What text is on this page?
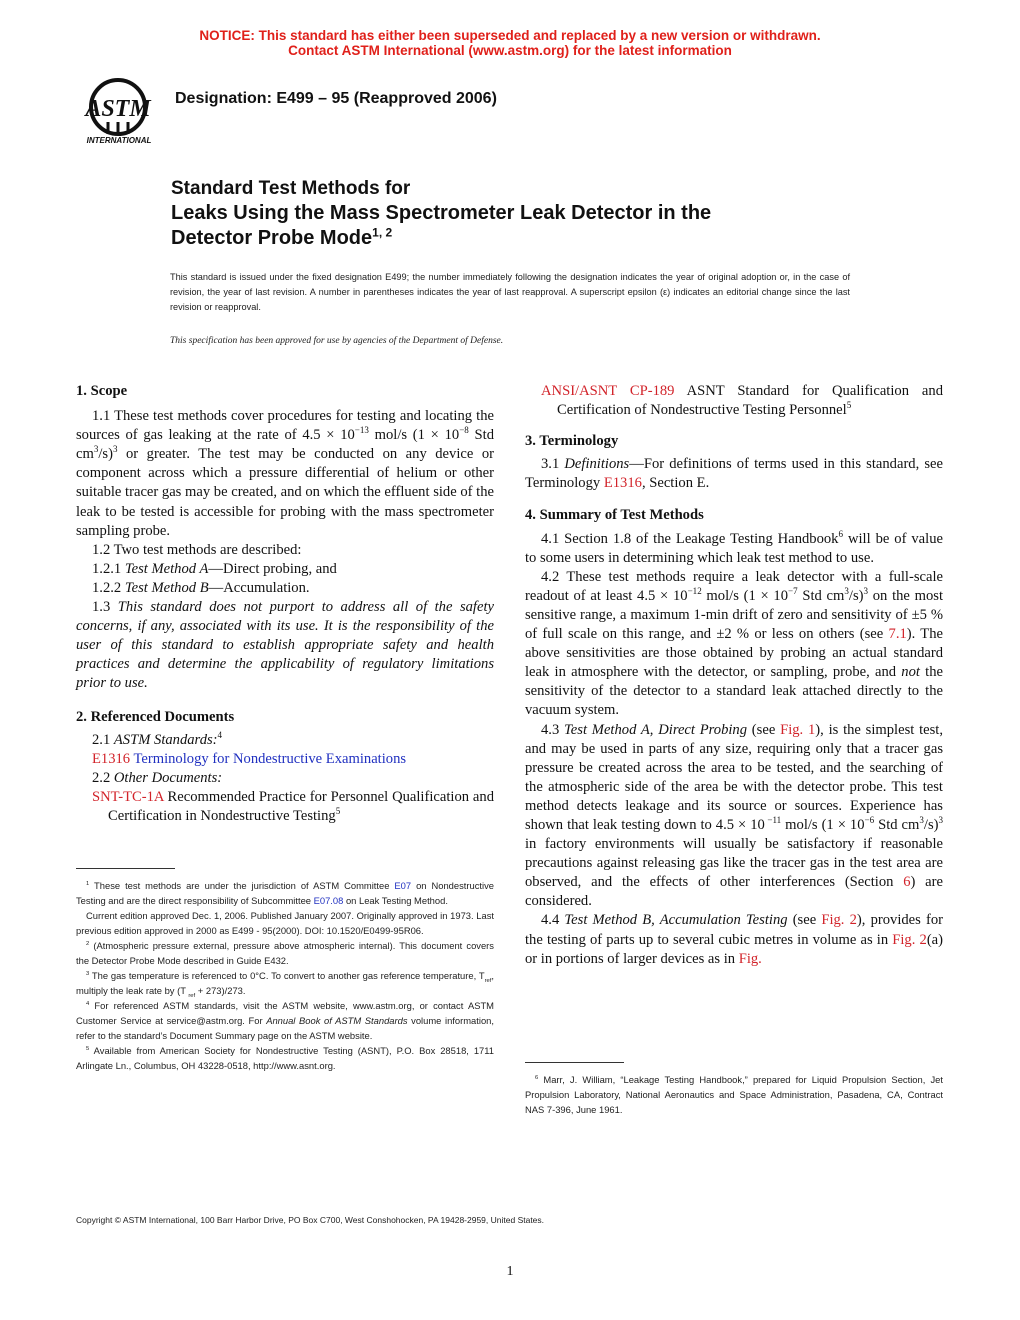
NOTICE: This standard has either been superseded and replaced by a new version or withdrawn.
Contact ASTM International (www.astm.org) for the latest information
ASTM
INTERNATIONAL
Designation: E499 – 95 (Reapproved 2006)
Standard Test Methods for
Leaks Using the Mass Spectrometer Leak Detector in the
Detector Probe Mode$^{1, 2}$
This standard is issued under the fixed designation E499; the number immediately following the designation indicates the year of original adoption or, in the case of revision, the year of last revision. A number in parentheses indicates the year of last reapproval. A superscript epsilon (ε) indicates an editorial change since the last revision or reapproval.
This specification has been approved for use by agencies of the Department of Defense.

1. Scope

1.1 These test methods cover procedures for testing and locating the sources of gas leaking at the rate of $4.5 \times 10^{-13}$ mol/s ($1 \times 10^{-8}$ Std $cm^3/s)^3$ or greater. The test may be conducted on any device or component across which a pressure differential of helium or other suitable tracer gas may be created, and on which the effluent side of the leak to be tested is accessible for probing with the mass spectrometer sampling probe.

1.2 Two test methods are described:

1.2.1 Test Method A—Direct probing, and

1.2.2 Test Method B—Accumulation.

1.3 This standard does not purport to address all of the safety concerns, if any, associated with its use. It is the responsibility of the user of this standard to establish appropriate safety and health practices and determine the applicability of regulatory limitations prior to use.

2. Referenced Documents

2.1 ASTM Standards:$^4$

E1316 Terminology for Nondestructive Examinations

2.2 Other Documents:

SNT-TC-1A Recommended Practice for Personnel Qualification and Certification in Nondestructive Testing$^5$

$^1$ These test methods are under the jurisdiction of ASTM Committee E07 on Nondestructive Testing and are the direct responsibility of Subcommittee E07.08 on Leak Testing Method.

Current edition approved Dec. 1, 2006. Published January 2007. Originally approved in 1973. Last previous edition approved in 2000 as E499 - 95(2000). DOI: 10.1520/E0499-95R06.

$^2$ (Atmospheric pressure external, pressure above atmospheric internal). This document covers the Detector Probe Mode described in Guide E432.

$^3$ The gas temperature is referenced to 0°C. To convert to another gas reference temperature, $T_{ref}$, multiply the leak rate by (T $_{ref}$ + 273)/273.

$^4$ For referenced ASTM standards, visit the ASTM website, www.astm.org, or contact ASTM Customer Service at service@astm.org. For Annual Book of ASTM Standards volume information, refer to the standard’s Document Summary page on the ASTM website.

$^5$ Available from American Society for Nondestructive Testing (ASNT), P.O. Box 28518, 1711 Arlingate Ln., Columbus, OH 43228-0518, http://www.asnt.org.

ANSI/ASNT CP-189 ASNT Standard for Qualification and Certification of Nondestructive Testing Personnel$^5$

3. Terminology

3.1 Definitions—For definitions of terms used in this standard, see Terminology E1316, Section E.

4. Summary of Test Methods

4.1 Section 1.8 of the Leakage Testing Handbook$^6$ will be of value to some users in determining which leak test method to use.

4.2 These test methods require a leak detector with a full-scale readout of at least $4.5 \times 10^{-12}$ mol/s ($1 \times 10^{-7}$ Std $cm^3/s)^3$ on the most sensitive range, a maximum 1-min drift of zero and sensitivity of ±5 % of full scale on this range, and ±2 % or less on others (see 7.1). The above sensitivities are those obtained by probing an actual standard leak in atmosphere with the detector, or sampling, probe, and not the sensitivity of the detector to a standard leak attached directly to the vacuum system.

4.3 Test Method A, Direct Probing (see Fig. 1), is the simplest test, and may be used in parts of any size, requiring only that a tracer gas pressure be created across the area to be tested, and the searching of the atmospheric side of the area be with the detector probe. This test method detects leakage and its source or sources. Experience has shown that leak testing down to 4.5 × 10 $^{-11}$ mol/s ($1 \times 10^{-6}$ Std $cm^3/s)^3$ in factory environments will usually be satisfactory if reasonable precautions against releasing gas like the tracer gas in the test area are observed, and the effects of other interferences (Section 6) are considered.

4.4 Test Method B, Accumulation Testing (see Fig. 2), provides for the testing of parts up to several cubic metres in volume as in Fig. 2(a) or in portions of larger devices as in Fig.

$^6$ Marr, J. William, “Leakage Testing Handbook,” prepared for Liquid Propulsion Section, Jet Propulsion Laboratory, National Aeronautics and Space Administration, Pasadena, CA, Contract NAS 7-396, June 1961.

Copyright © ASTM International, 100 Barr Harbor Drive, PO Box C700, West Conshohocken, PA 19428-2959, United States.
1
